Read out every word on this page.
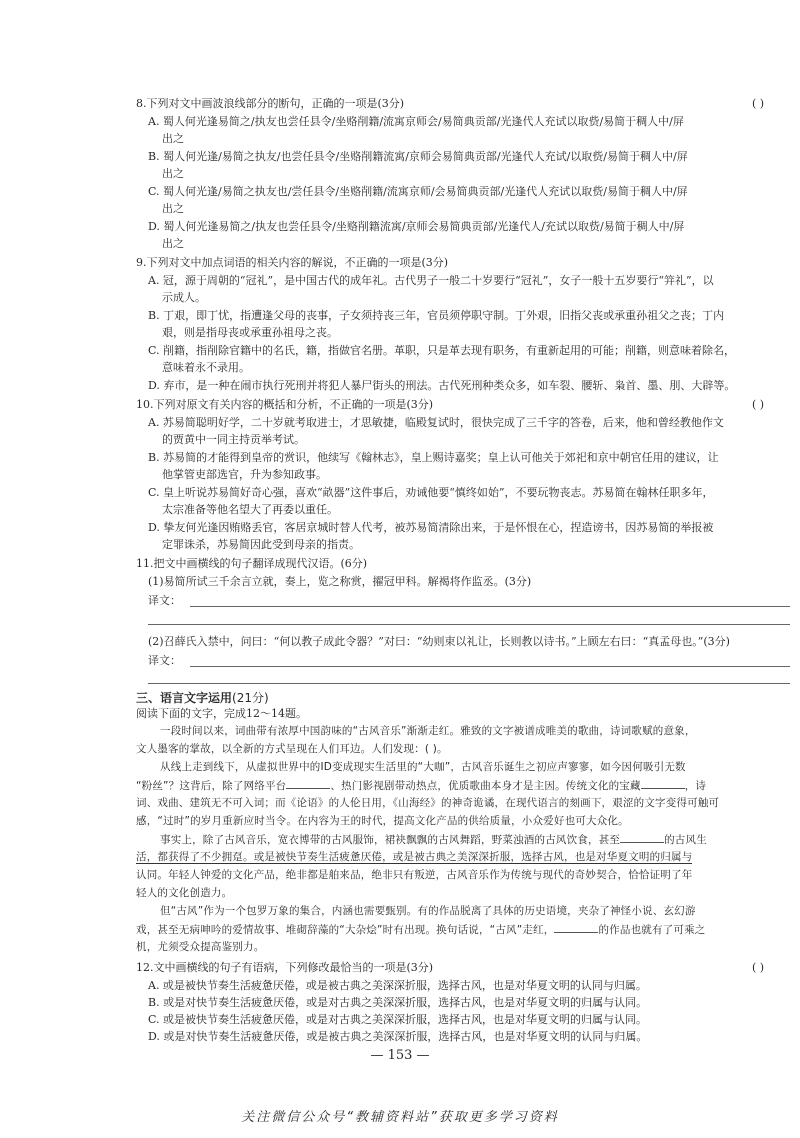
8.下列对文中画波浪线部分的断句，正确的一项是(3分)	( )
A. 蜀人何光逢易简之/执友也尝任县令/坐赂削籍/流寓京师会/易简典贡部/光逢代人充试以取赀/易简于稠人中/屏
出之
B. 蜀人何光逢/易简之执友/也尝任县令/坐赂削籍流寓/京师会易简典贡部/光逢代人充试/以取赀/易简于稠人中/屏
出之
C. 蜀人何光逢/易简之执友也/尝任县令/坐赂削籍/流寓京师/会易简典贡部/光逢代人充试以取赀/易简于稠人中/屏
出之
D. 蜀人何光逢易简之/执友也尝任县令/坐赂削籍流寓/京师会易简典贡部/光逢代人/充试以取赀/易简于稠人中/屏
出之
9.下列对文中加点词语的相关内容的解说，不正确的一项是(3分)
A. 冠，源于周朝的“冠礼”，是中国古代的成年礼。古代男子一般二十岁要行“冠礼”，女子一般十五岁要行“笄礼”，以
示成人。
B. 丁艰，即丁忧，指遭逢父母的丧事，子女须持丧三年，官员须停职守制。丁外艰，旧指父丧或承重孙祖父之丧；丁内
艰，则是指母丧或承重孙祖母之丧。
C. 削籍，指削除官籍中的名氏，籍，指做官名册。革职，只是革去现有职务，有重新起用的可能；削籍，则意味着除名，
意味着永不录用。
D. 弃市，是一种在闹市执行死刑并将犯人暴尸街头的刑法。古代死刑种类众多，如车裂、腰斩、枭首、墨、刖、大辟等。
10.下列对原文有关内容的概括和分析，不正确的一项是(3分)	( )
A. 苏易简聪明好学，二十岁就考取进士，才思敏捷，临殿复试时，很快完成了三千字的答卷，后来，他和曾经教他作文
的贾黄中一同主持贡举考试。
B. 苏易简的才能得到皇帝的赏识，他续写《翰林志》，皇上赐诗嘉奖；皇上认可他关于郊祀和京中朝官任用的建议，让
他掌管吏部选官，升为参知政事。
C. 皇上听说苏易简好奇心强，喜欢“畝器”这件事后，劝诫他要“慎终如始”，不要玩物丧志。苏易简在翰林任职多年，
太宗准备等他名望大了再委以重任。
D. 挚友何光逢因贿赂丢官，客居京城时替人代考，被苏易简清除出来，于是怀恨在心，捏造谤书，因苏易简的举报被
定罪诛杀，苏易简因此受到母亲的指责。
11.把文中画横线的句子翻译成现代汉语。(6分)
(1)易简所试三千余言立就，奏上，览之称赏，擢冠甲科。解褐将作监丞。(3分)
译文：
(2)召薛氏入禁中，问曰：“何以教子成此令器？”对曰：“幼则束以礼让，长则教以诗书。”上顾左右曰：“真孟母也。”(3分)
译文：
三、语言文字运用(21分)
阅读下面的文字，完成12～14题。
一段时间以来，词曲带有浓厚中国韵味的“古风音乐”渐渐走红。雅致的文字被谱成唯美的歌曲，诗词歌赋的意象，
文人墨客的掌故，以全新的方式呈现在人们耳边。人们发现：( )。
从线上走到线下，从虚拟世界中的ID变成现实生活里的“大咖”，古风音乐诞生之初应声寥寥，如今因何吸引无数
“粉丝”？这背后，除了网络平台	、热门影视剧带动热点，优质歌曲本身才是主因。传统文化的宝藏	，诗
词、戏曲、建筑无不可入词；而《论语》的人伦日用，《山海经》的神奇诡谲，在现代语言的刻画下，艰涩的文字变得可触可
感，“过时”的岁月重新应时当令。在内容为王的时代，提高文化产品的供给质量，小众爱好也可大众化。
事实上，除了古风音乐，宽衣博带的古风服饰，裙袂飘飘的古风舞蹈，野菜浊酒的古风饮食，甚至	的古风生
活，都获得了不少拥趸。或是被快节奏生活疲惫厌倦，或是被古典之美深深折服，选择古风，也是对华夏文明的归属与
认同。年轻人钟爱的文化产品，绝非都是舶来品，绝非只有叛逆，古风音乐作为传统与现代的奇妙契合，恰恰证明了年
轻人的文化创造力。
但“古风”作为一个包罗万象的集合，内涵也需要甄别。有的作品脱离了具体的历史语境，夹杂了神怪小说、玄幻游
戏，甚至无病呻吟的爱情故事、堆砌辞藻的“大杂烩”时有出现。换句话说，“古风”走红，	的作品也就有了可乘之
机，尤须受众提高鉴别力。
12.文中画横线的句子有语病，下列修改最恰当的一项是(3分)	( )
A. 或是被快节奏生活疲惫厌倦，或是被古典之美深深折服，选择古风，也是对华夏文明的认同与归属。
B. 或是对快节奏生活疲惫厌倦，或是对古典之美深深折服，选择古风，也是对华夏文明的归属与认同。
C. 或是被快节奏生活疲惫厌倦，或是对古典之美深深折服，选择古风，也是对华夏文明的归属与认同。
D. 或是对快节奏生活疲惫厌倦，或是被古典之美深深折服，选择古风，也是对华夏文明的认同与归属。
— 153 —
关注微信公众号“教辅资料站”获取更多学习资料
